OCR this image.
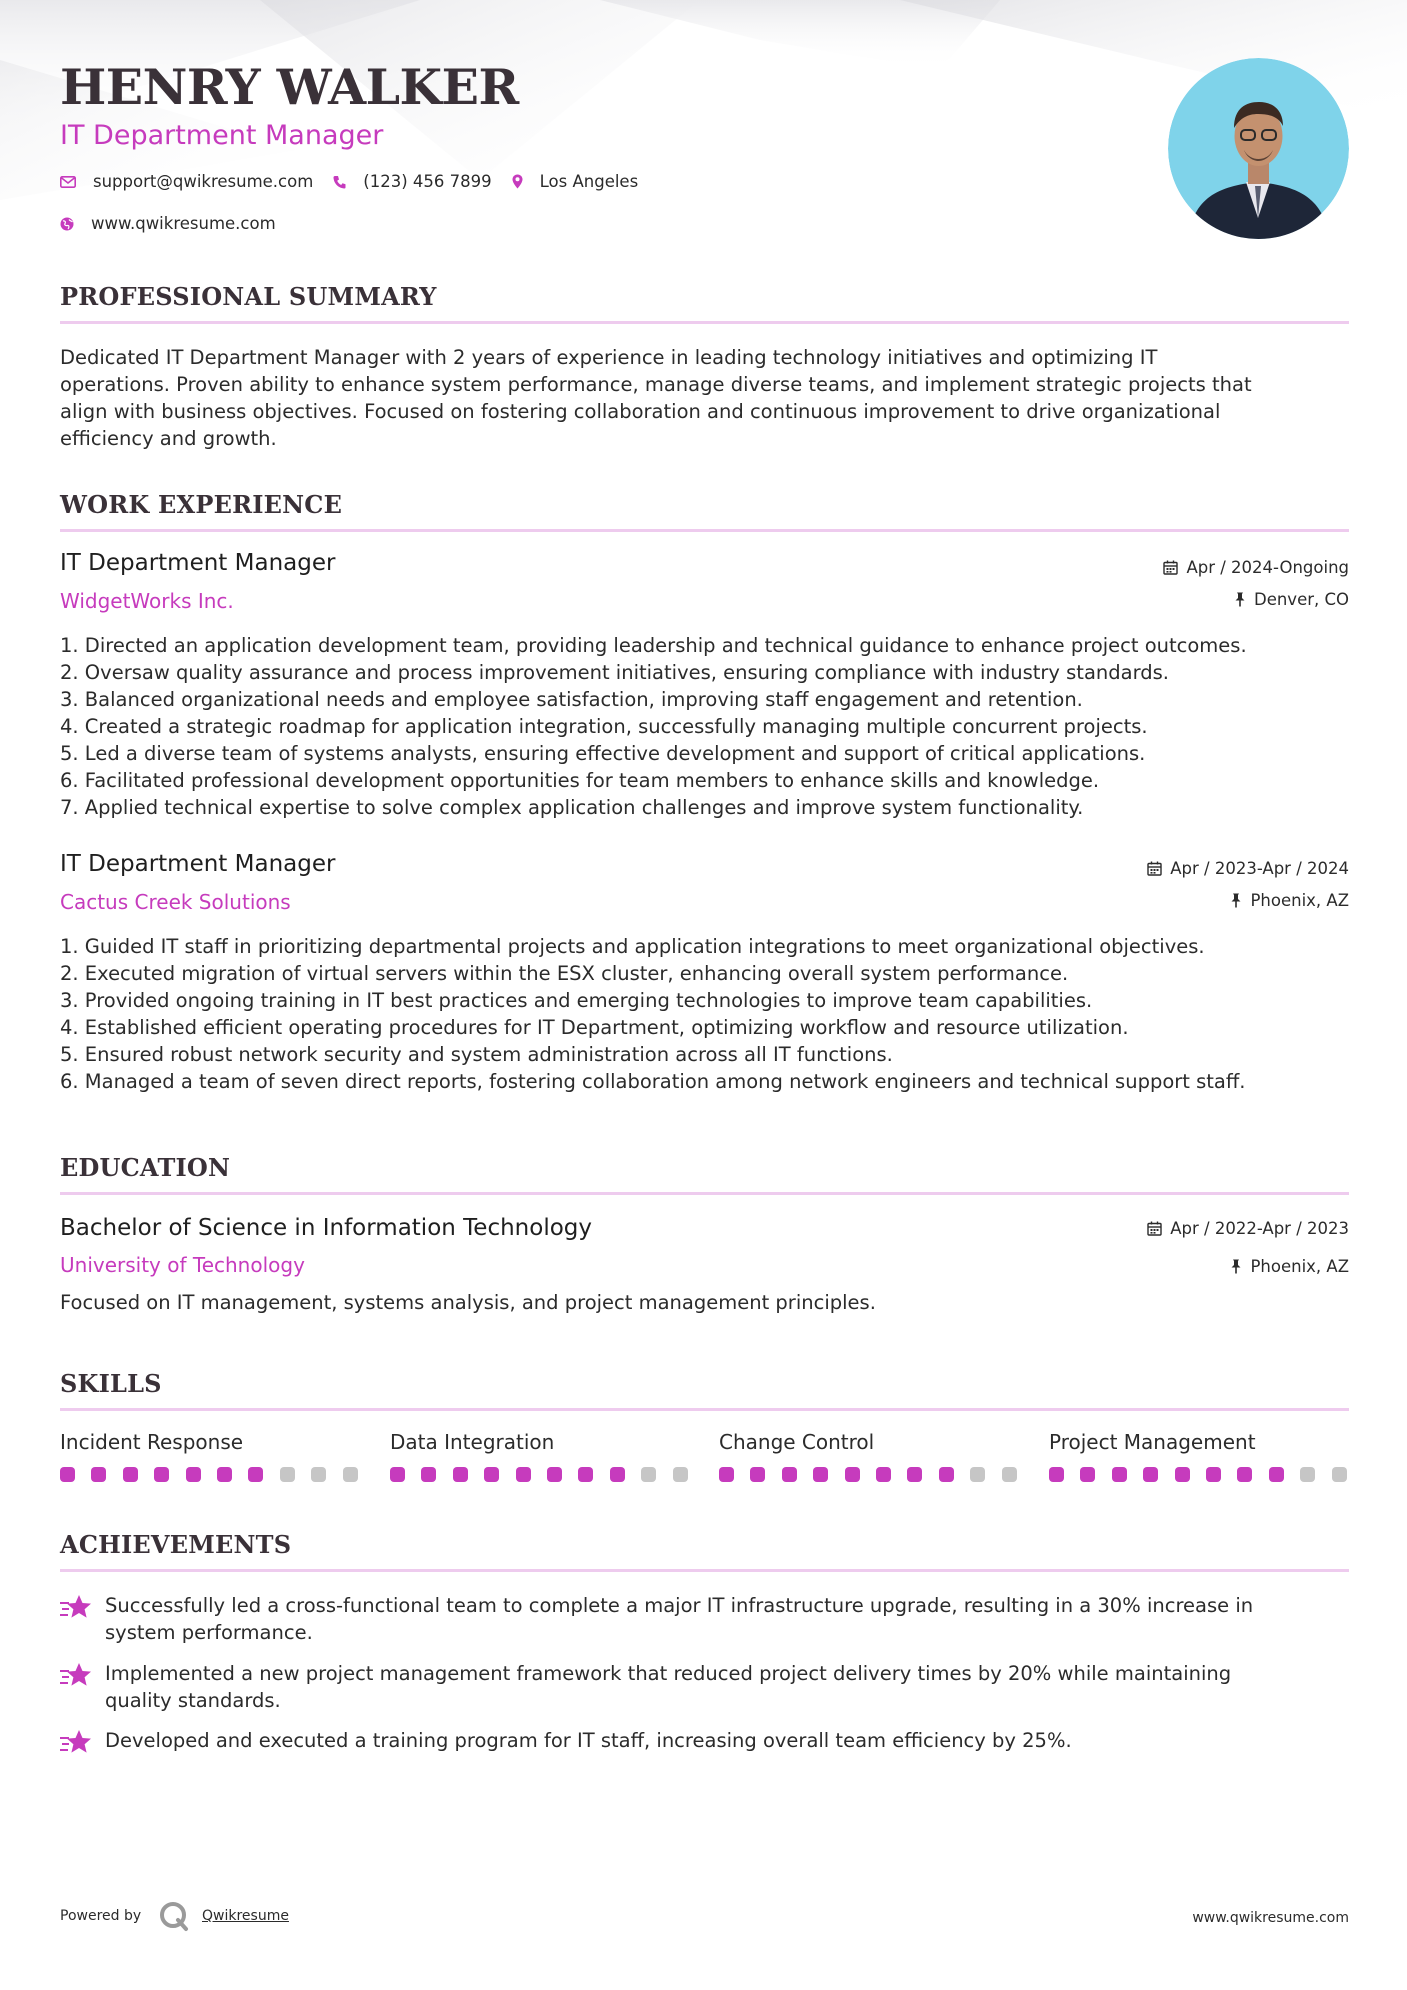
HENRY WALKER
IT Department Manager
support@qwikresume.com	(123) 456 7899	Los Angeles
www.qwikresume.com
PROFESSIONAL SUMMARY
Dedicated IT Department Manager with 2 years of experience in leading technology initiatives and optimizing IT
operations. Proven ability to enhance system performance, manage diverse teams, and implement strategic projects that
align with business objectives. Focused on fostering collaboration and continuous improvement to drive organizational
efficiency and growth.
WORK EXPERIENCE
IT Department Manager
WidgetWorks Inc.
Apr / 2024-Ongoing
Denver, CO
1. Directed an application development team, providing leadership and technical guidance to enhance project outcomes.
2. Oversaw quality assurance and process improvement initiatives, ensuring compliance with industry standards.
3. Balanced organizational needs and employee satisfaction, improving staff engagement and retention.
4. Created a strategic roadmap for application integration, successfully managing multiple concurrent projects.
5. Led a diverse team of systems analysts, ensuring effective development and support of critical applications.
6. Facilitated professional development opportunities for team members to enhance skills and knowledge.
7. Applied technical expertise to solve complex application challenges and improve system functionality.
IT Department Manager
Cactus Creek Solutions
Apr / 2023-Apr / 2024
Phoenix, AZ
1. Guided IT staff in prioritizing departmental projects and application integrations to meet organizational objectives.
2. Executed migration of virtual servers within the ESX cluster, enhancing overall system performance.
3. Provided ongoing training in IT best practices and emerging technologies to improve team capabilities.
4. Established efficient operating procedures for IT Department, optimizing workflow and resource utilization.
5. Ensured robust network security and system administration across all IT functions.
6. Managed a team of seven direct reports, fostering collaboration among network engineers and technical support staff.
EDUCATION
Bachelor of Science in Information Technology
University of Technology
Apr / 2022-Apr / 2023
Phoenix, AZ
Focused on IT management, systems analysis, and project management principles.
SKILLS
Incident Response	Data Integration	Change Control	Project Management
ACHIEVEMENTS
Successfully led a cross-functional team to complete a major IT infrastructure upgrade, resulting in a 30% increase in
system performance.
Implemented a new project management framework that reduced project delivery times by 20% while maintaining
quality standards.
Developed and executed a training program for IT staff, increasing overall team efficiency by 25%.
Powered by	Qwikresume	www.qwikresume.com
